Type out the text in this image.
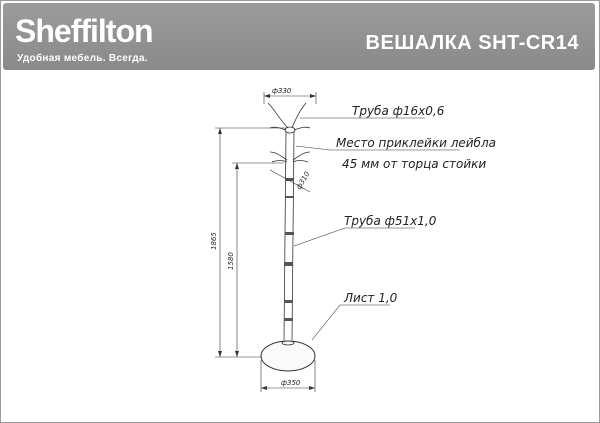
Sheffilton
Удобная мебель. Всегда.
ВЕШАЛКА SHT-CR14
ф330
ф310
1865
1580
ф350
Труба ф16х0,6
Место приклейки лейбла
45 мм от торца стойки
Труба ф51х1,0
Лист 1,0
